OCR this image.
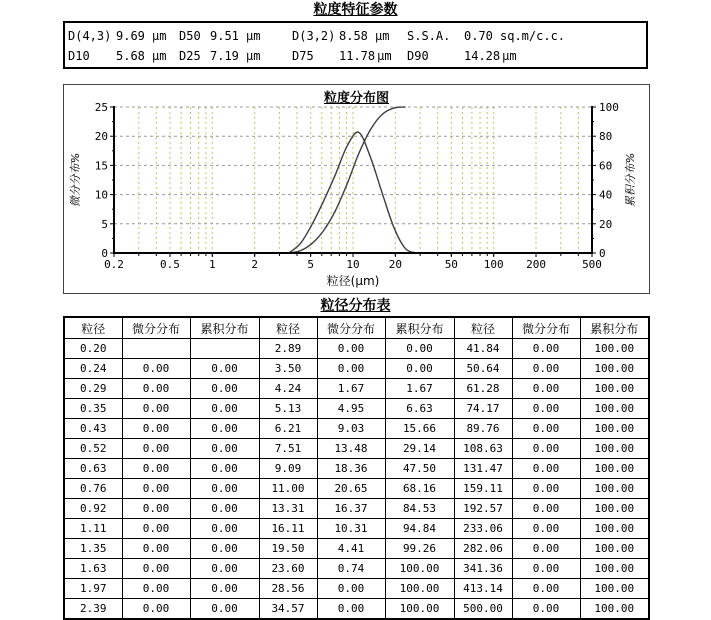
粒度特征参数
D(4,3) 9.69 µm D50 9.51 µm	D(3,2) 8.58 µm S.S.A. 0.70 sq.m/c.c.
D10 5.68 µm D25 7.19 µm	D75 11.78 µm D90	14.28 µm
粒度分布图
0
5
10
15
20
25
0
20
40
60
80
100
0.2	0.5	1	2	5	10	20	50 100 200	500
粒径(µm)
微分分布%	累积分布%
粒径分布表
粒径	微分分布	累积分布	粒径	微分分布	累积分布	粒径	微分分布	累积分布
0.20			2.89	0.00	0.00	41.84	0.00	100.00
0.24	0.00	0.00	3.50	0.00	0.00	50.64	0.00	100.00
0.29	0.00	0.00	4.24	1.67	1.67	61.28	0.00	100.00
0.35	0.00	0.00	5.13	4.95	6.63	74.17	0.00	100.00
0.43	0.00	0.00	6.21	9.03	15.66	89.76	0.00	100.00
0.52	0.00	0.00	7.51	13.48	29.14	108.63	0.00	100.00
0.63	0.00	0.00	9.09	18.36	47.50	131.47	0.00	100.00
0.76	0.00	0.00	11.00	20.65	68.16	159.11	0.00	100.00
0.92	0.00	0.00	13.31	16.37	84.53	192.57	0.00	100.00
1.11	0.00	0.00	16.11	10.31	94.84	233.06	0.00	100.00
1.35	0.00	0.00	19.50	4.41	99.26	282.06	0.00	100.00
1.63	0.00	0.00	23.60	0.74	100.00	341.36	0.00	100.00
1.97	0.00	0.00	28.56	0.00	100.00	413.14	0.00	100.00
2.39	0.00	0.00	34.57	0.00	100.00	500.00	0.00	100.00
